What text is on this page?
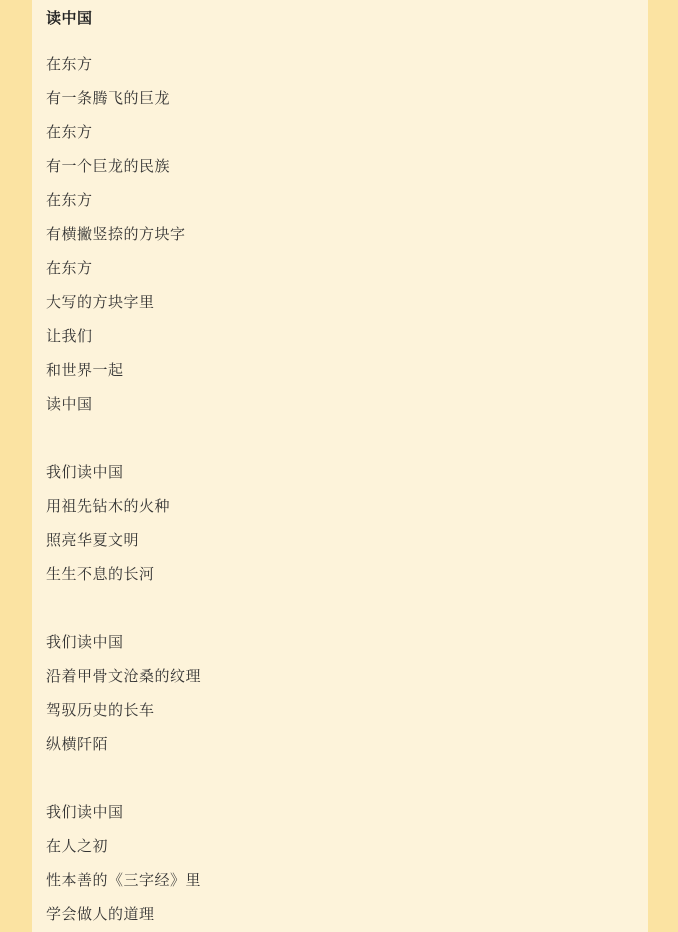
读中国

在东方

有一条腾飞的巨龙

在东方

有一个巨龙的民族

在东方

有横撇竖捺的方块字

在东方

大写的方块字里

让我们

和世界一起

读中国

我们读中国

用祖先钻木的火种

照亮华夏文明

生生不息的长河

我们读中国

沿着甲骨文沧桑的纹理

驾驭历史的长车

纵横阡陌

我们读中国

在人之初

性本善的《三字经》里

学会做人的道理
